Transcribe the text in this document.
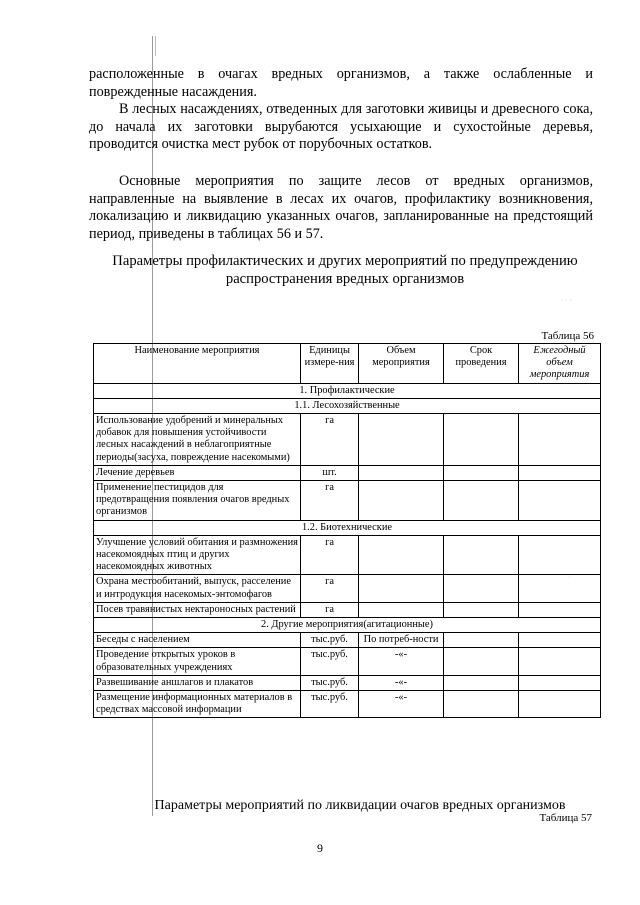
расположенные в очагах вредных организмов, а также ослабленные и поврежденные насаждения.

В лесных насаждениях, отведенных для заготовки живицы и древесного сока, до начала их заготовки вырубаются усыхающие и сухостойные деревья, проводится очистка мест рубок от порубочных остатков.

Основные мероприятия по защите лесов от вредных организмов, направленные на выявление в лесах их очагов, профилактику возникновения, локализацию и ликвидацию указанных очагов, запланированные на предстоящий период, приведены в таблицах 56 и 57.

Параметры профилактических и других мероприятий по предупреждению распространения вредных организмов
· · ·
Таблица 56
Наименование мероприятия	Единицы измере-ния	Объем мероприятия	Срок проведения	Ежегодный объем мероприятия
1. Профилактические				
1.1. Лесохозяйственные				
Использование удобрений и минеральных добавок для повышения устойчивости лесных насаждений в неблагоприятные периоды(засуха, повреждение насекомыми)	га			
Лечение деревьев	шт.			
Применение пестицидов для предотвращения появления очагов вредных организмов	га			
1.2. Биотехнические				
Улучшение условий обитания и размножения насекомоядных птиц и других насекомоядных животных	га			
Охрана местообитаний, выпуск, расселение и интродукция насекомых-энтомофагов	га			
Посев травянистых нектароносных растений	га			
2. Другие мероприятия(агитационные)				
Беседы с населением	тыс.руб.	По потреб-ности		
Проведение открытых уроков в образовательных учреждениях	тыс.руб.	-«-		
Развешивание аншлагов и плакатов	тыс.руб.	-«-		
Размещение информационных материалов в средствах массовой информации	тыс.руб.	-«-		
·
Параметры мероприятий по ликвидации очагов вредных организмов
Таблица 57
9
